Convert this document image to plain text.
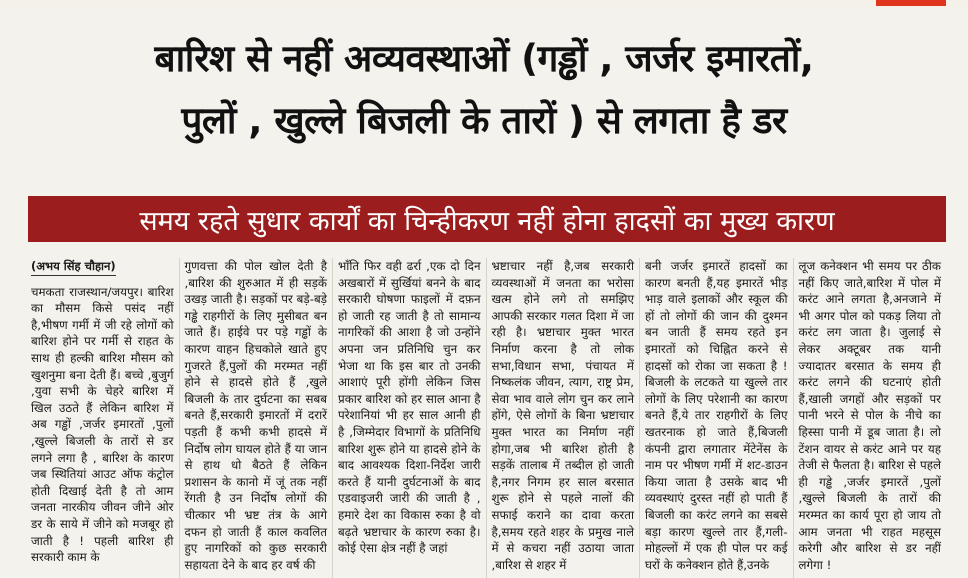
बारिश से नहीं अव्यवस्थाओं (गड्ढों , जर्जर इमारतों,
पुलों , खुल्ले बिजली के तारों ) से लगता है डर
समय रहते सुधार कार्यों का चिन्हीकरण नहीं होना हादसों का मुख्य कारण
(अभय सिंह चौहान)

चमकता राजस्थान/जयपुर। बारिश का मौसम किसे पसंद नहीं है,भीषण गर्मी में जी रहे लोगों को बारिश होने पर गर्मी से राहत के साथ ही हल्की बारिश मौसम को खुशनुमा बना देती हैं। बच्चे ,बुजुर्ग ,युवा सभी के चेहरे बारिश में खिल उठते हैं लेकिन बारिश में अब गड्ढों ,जर्जर इमारतों ,पुलों ,खुल्ले बिजली के तारों से डर लगने लगा है , बारिश के कारण जब स्थितियां आउट ऑफ कंट्रोल होती दिखाई देती है तो आम जनता नारकीय जीवन जीने ओर डर के साये में जीने को मजबूर हो जाती है ! पहली बारिश ही सरकारी काम के

गुणवत्ता की पोल खोल देती है ,बारिश की शुरुआत में ही सड़कें उखड़ जाती है। सड़कों पर बड़े-बड़े गड्ढे राहगीरों के लिए मुसीबत बन जाते हैं। हाईवे पर पड़े गड्ढों के कारण वाहन हिचकोले खाते हुए गुजरते हैं,पुलों की मरम्मत नहीं होने से हादसे होते हैं ,खुले बिजली के तार दुर्घटना का सबब बनते हैं,सरकारी इमारतों में दरारें पड़ती हैं कभी कभी हादसे में निर्दोष लोग घायल होते हैं या जान से हाथ धो बैठते हैं लेकिन प्रशासन के कानो में जूं तक नहीं रेंगती है उन निर्दोष लोगों की चीत्कार भी भ्रष्ट तंत्र के आगे दफन हो जाती हैं काल कवलित हुए नागरिकों को कुछ सरकारी सहायता देने के बाद हर वर्ष की

भाँति फिर वही ढर्रा ,एक दो दिन अखबारों में सुर्खियां बनने के बाद सरकारी घोषणा फाइलों में दफ़न हो जाती रह जाती है तो सामान्य नागरिकों की आशा है जो उन्होंने अपना जन प्रतिनिधि चुन कर भेजा था कि इस बार तो उनकी आशाएं पूरी होंगी लेकिन जिस प्रकार बारिश को हर साल आना है परेशानियां भी हर साल आनी ही है ,जिम्मेदार विभागों के प्रतिनिधि बारिश शुरू होने या हादसे होने के बाद आवश्यक दिशा-निर्देश जारी करते हैं यानी दुर्घटनाओं के बाद एडवाइजरी जारी की जाती है , हमारे देश का विकास रुका है वो बढ़ते भ्रष्टाचार के कारण रुका है। कोई ऐसा क्षेत्र नहीं है जहां

भ्रष्टाचार नहीं है,जब सरकारी व्यवस्थाओं में जनता का भरोसा खत्म होने लगे तो समझिए आपकी सरकार गलत दिशा में जा रही है। भ्रष्टाचार मुक्त भारत निर्माण करना है तो लोक सभा,विधान सभा, पंचायत में निष्कलंक जीवन, त्याग, राष्ट्र प्रेम, सेवा भाव वाले लोग चुन कर लाने होंगे, ऐसे लोगों के बिना भ्रष्टाचार मुक्त भारत का निर्माण नहीं होगा,जब भी बारिश होती है सड़कें तालाब में तब्दील हो जाती है,नगर निगम हर साल बरसात शुरू होने से पहले नालों की सफाई कराने का दावा करता है,समय रहते शहर के प्रमुख नाले में से कचरा नहीं उठाया जाता ,बारिश से शहर में

बनी जर्जर इमारतें हादसों का कारण बनती हैं,यह इमारतें भीड़ भाड़ वाले इलाकों और स्कूल की हों तो लोगों की जान की दुश्मन बन जाती हैं समय रहते इन इमारतों को चिह्नित करने से हादसों को रोका जा सकता है ! बिजली के लटकते या खुल्ले तार लोगों के लिए परेशानी का कारण बनते हैं,ये तार राहगीरों के लिए खतरनाक हो जाते हैं,बिजली कंपनी द्वारा लगातार मेंटेनेंस के नाम पर भीषण गर्मी में शट-डाउन किया जाता है उसके बाद भी व्यवस्थाएं दुरस्त नहीं हो पाती हैं बिजली का करंट लगने का सबसे बड़ा कारण खुल्ले तार हैं,गली-मोहल्लों में एक ही पोल पर कई घरों के कनेक्शन होते हैं,उनके

लूज कनेक्शन भी समय पर ठीक नहीं किए जाते,बारिश में पोल में करंट आने लगता है,अनजाने में भी अगर पोल को पकड़ लिया तो करंट लग जाता है। जुलाई से लेकर अक्टूबर तक यानी ज्यादातर बरसात के समय ही करंट लगने की घटनाएं होती हैं,खाली जगहों और सड़कों पर पानी भरने से पोल के नीचे का हिस्सा पानी में डूब जाता है। लो टेंशन वायर से करंट आने पर यह तेजी से फैलता है। बारिश से पहले ही गड्ढे ,जर्जर इमारतें ,पुलों ,खुल्ले बिजली के तारों की मरम्मत का कार्य पूरा हो जाय तो आम जनता भी राहत महसूस करेगी और बारिश से डर नहीं लगेगा !
